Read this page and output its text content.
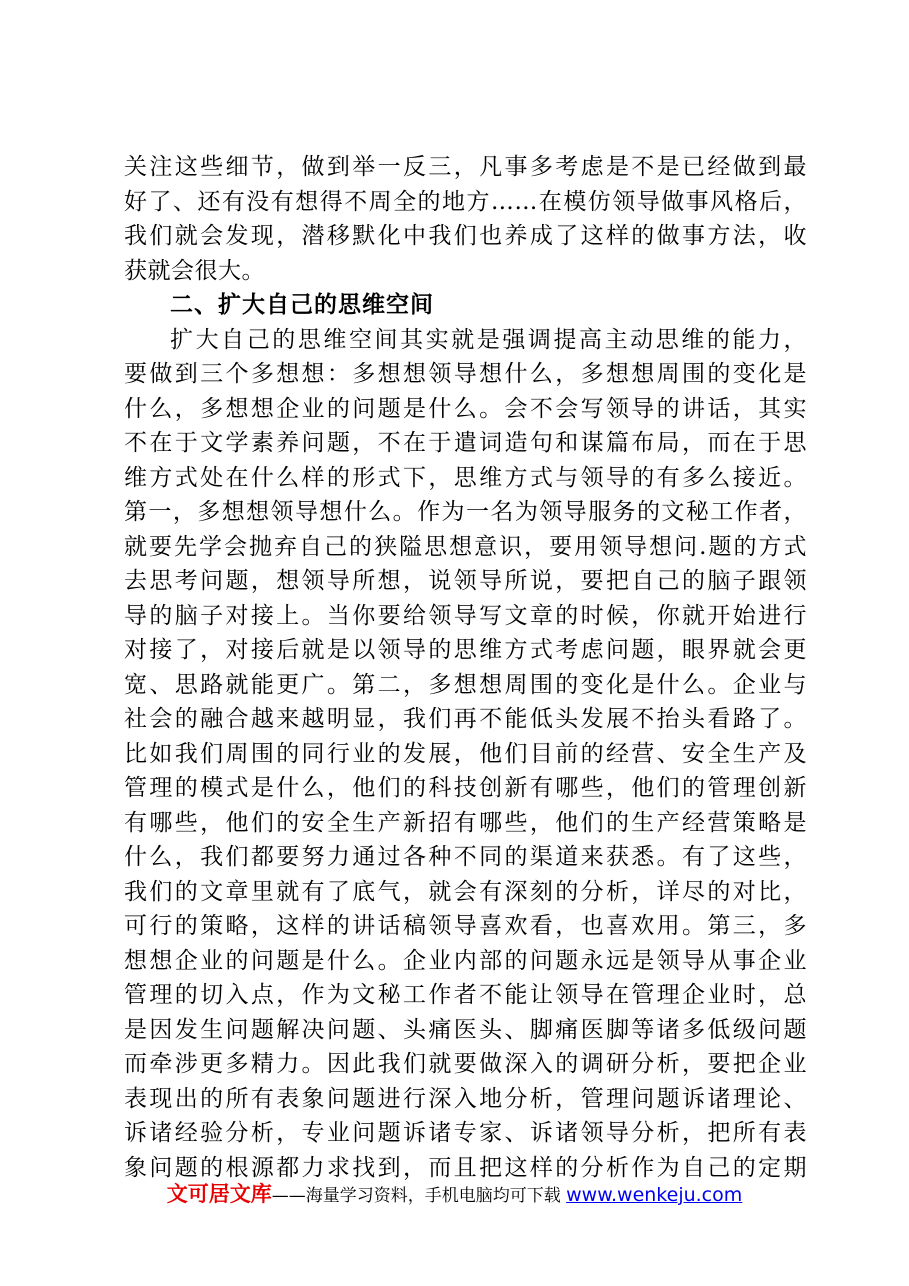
关注这些细节，做到举一反三，凡事多考虑是不是已经做到最
好了、还有没有想得不周全的地方……在模仿领导做事风格后，
我们就会发现，潜移默化中我们也养成了这样的做事方法，收
获就会很大。
二、扩大自己的思维空间
扩大自己的思维空间其实就是强调提高主动思维的能力，
要做到三个多想想：多想想领导想什么，多想想周围的变化是
什么，多想想企业的问题是什么。会不会写领导的讲话，其实
不在于文学素养问题，不在于遣词造句和谋篇布局，而在于思
维方式处在什么样的形式下，思维方式与领导的有多么接近。
第一，多想想领导想什么。作为一名为领导服务的文秘工作者，
就要先学会抛弃自己的狭隘思想意识，要用领导想问.题的方式
去思考问题，想领导所想，说领导所说，要把自己的脑子跟领
导的脑子对接上。当你要给领导写文章的时候，你就开始进行
对接了，对接后就是以领导的思维方式考虑问题，眼界就会更
宽、思路就能更广。第二，多想想周围的变化是什么。企业与
社会的融合越来越明显，我们再不能低头发展不抬头看路了。
比如我们周围的同行业的发展，他们目前的经营、安全生产及
管理的模式是什么，他们的科技创新有哪些，他们的管理创新
有哪些，他们的安全生产新招有哪些，他们的生产经营策略是
什么，我们都要努力通过各种不同的渠道来获悉。有了这些，
我们的文章里就有了底气，就会有深刻的分析，详尽的对比，
可行的策略，这样的讲话稿领导喜欢看，也喜欢用。第三，多
想想企业的问题是什么。企业内部的问题永远是领导从事企业
管理的切入点，作为文秘工作者不能让领导在管理企业时，总
是因发生问题解决问题、头痛医头、脚痛医脚等诸多低级问题
而牵涉更多精力。因此我们就要做深入的调研分析，要把企业
表现出的所有表象问题进行深入地分析，管理问题诉诸理论、
诉诸经验分析，专业问题诉诸专家、诉诸领导分析，把所有表
象问题的根源都力求找到，而且把这样的分析作为自己的定期
文可居文库——海量学习资料，手机电脑均可下载 www.wenkeju.com
